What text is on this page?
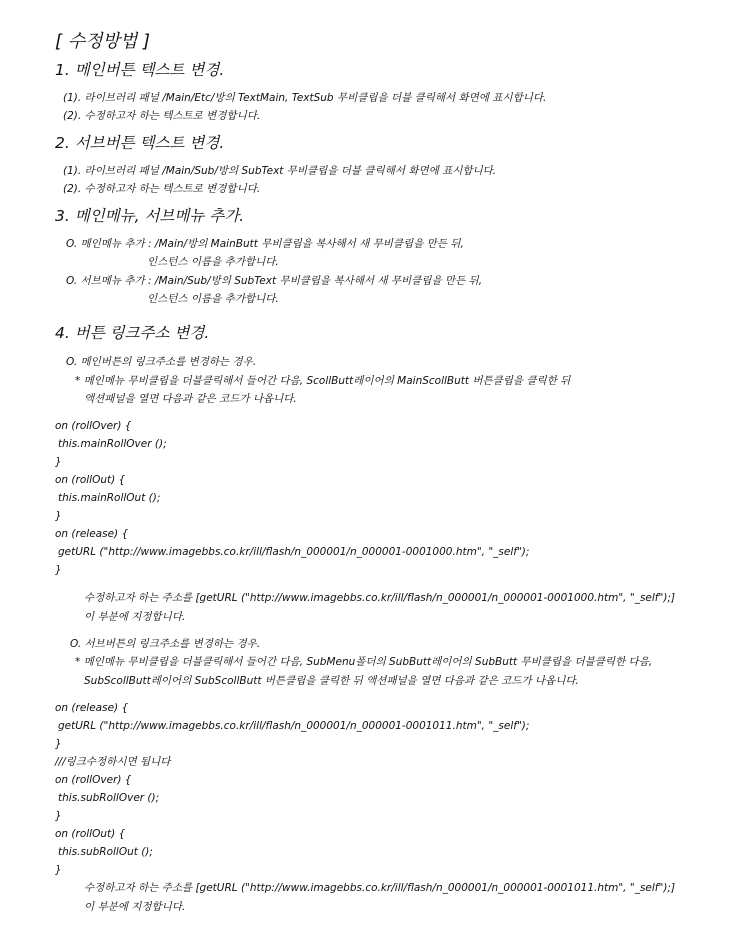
[ 수정방법 ]
1. 메인버튼 텍스트 변경.
(1). 라이브러리 패널 /Main/Etc/방의 TextMain, TextSub 무비클립을 더블 클릭해서 화면에 표시합니다.
(2). 수정하고자 하는 텍스트로 변경합니다.
2. 서브버튼 텍스트 변경.
(1). 라이브러리 패널 /Main/Sub/방의 SubText 무비클립을 더블 클릭해서 화면에 표시합니다.
(2). 수정하고자 하는 텍스트로 변경합니다.
3. 메인메뉴, 서브메뉴 추가.
O. 메인메뉴 추가 : /Main/방의 MainButt 무비클립을 복사해서 새 무비클립을 만든 뒤,
인스턴스 이름을 추가합니다.
O. 서브메뉴 추가 : /Main/Sub/방의 SubText 무비클립을 복사해서 새 무비클립을 만든 뒤,
인스턴스 이름을 추가합니다.
4. 버튼 링크주소 변경.
O. 메인버튼의 링크주소를 변경하는 경우.
* 메인메뉴 무비클립을 더블클릭해서 들어간 다음, ScollButt레이어의 MainScollButt 버튼클립을 클릭한 뒤
액션패널을 열면 다음과 같은 코드가 나옵니다.
on (rollOver) {
this.mainRollOver ();
}
on (rollOut) {
this.mainRollOut ();
}
on (release) {
getURL ("http://www.imagebbs.co.kr/ill/flash/n_000001/n_000001-0001000.htm", "_self");
}
수정하고자 하는 주소를 [getURL ("http://www.imagebbs.co.kr/ill/flash/n_000001/n_000001-0001000.htm", "_self");]
이 부분에 지정합니다.
O. 서브버튼의 링크주소를 변경하는 경우.
* 메인메뉴 무비클립을 더블클릭해서 들어간 다음, SubMenu폴더의 SubButt레이어의 SubButt 무비클립을 더블클릭한 다음,
SubScollButt레이어의 SubScollButt 버튼클립을 클릭한 뒤 액션패널을 열면 다음과 같은 코드가 나옵니다.
on (release) {
getURL ("http://www.imagebbs.co.kr/ill/flash/n_000001/n_000001-0001011.htm", "_self");
}
///링크수정하시면 됩니다
on (rollOver) {
this.subRollOver ();
}
on (rollOut) {
this.subRollOut ();
}
수정하고자 하는 주소를 [getURL ("http://www.imagebbs.co.kr/ill/flash/n_000001/n_000001-0001011.htm", "_self");]
이 부분에 지정합니다.
